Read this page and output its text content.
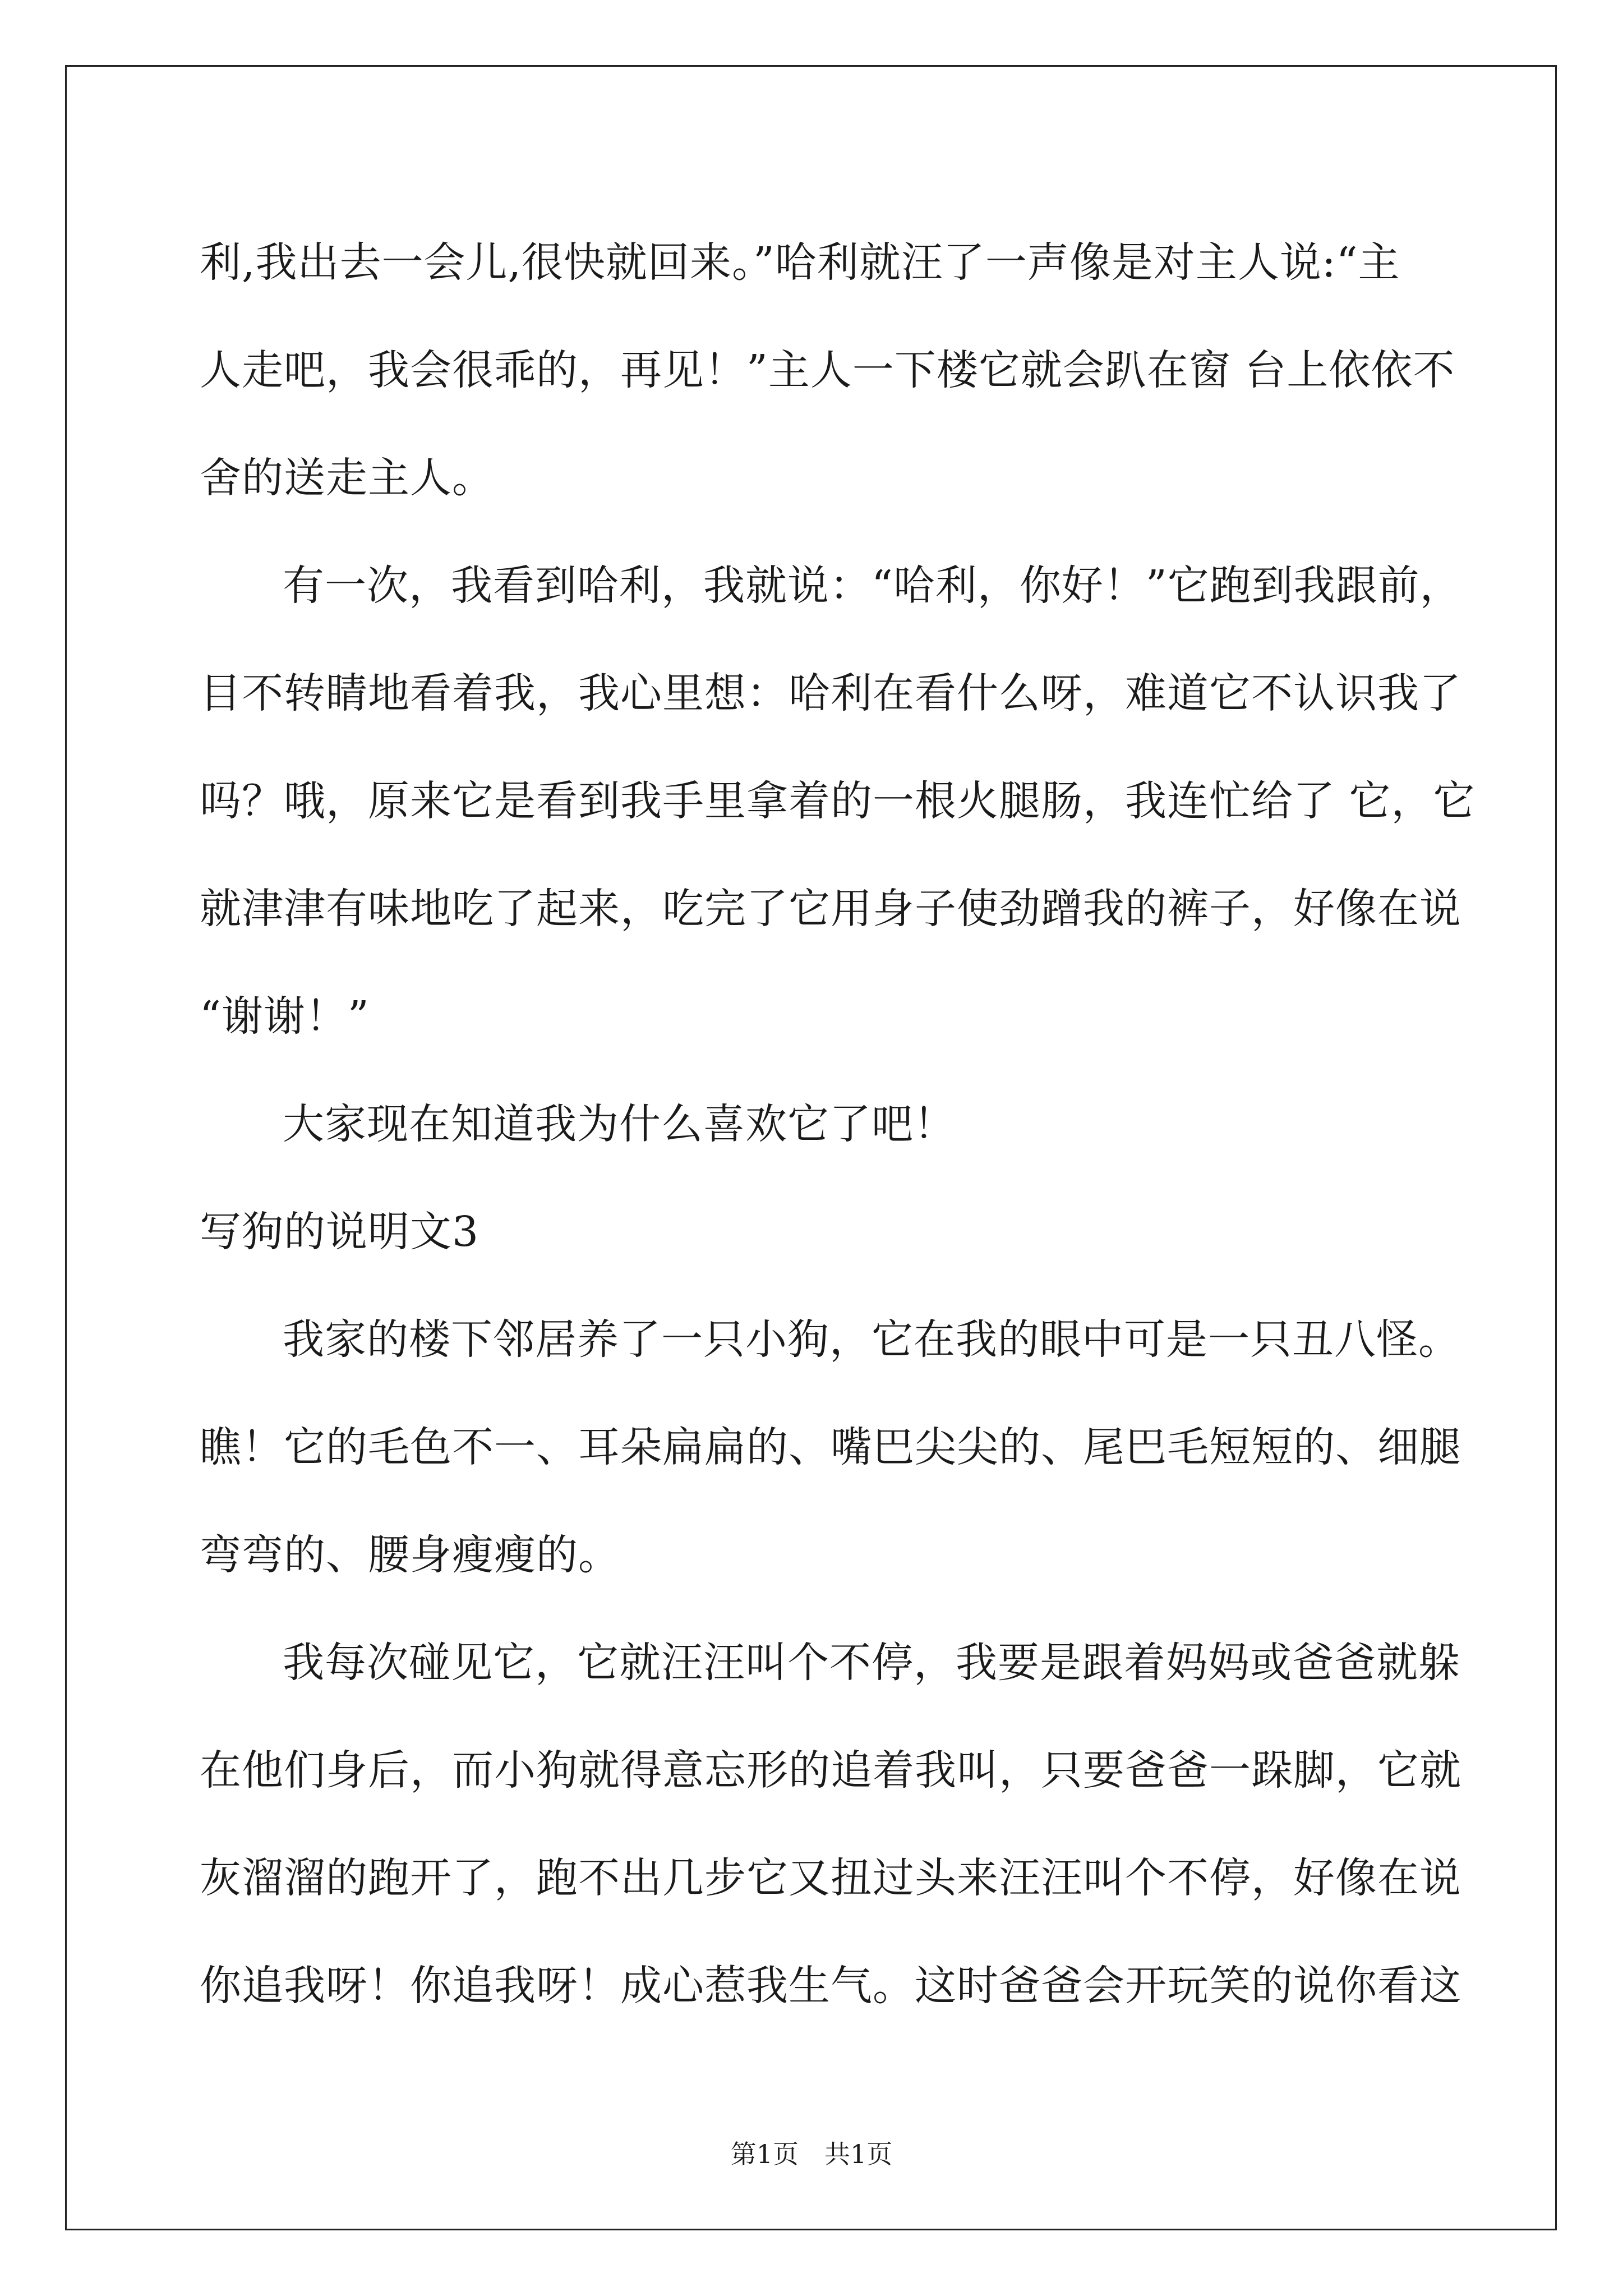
利,我出去一会儿,很快就回来。”哈利就汪了一声像是对主人说:“主
人走吧，我会很乖的，再见！”主人一下楼它就会趴在窗 台上依依不
舍的送走主人。
有一次，我看到哈利，我就说：“哈利，你好！”它跑到我跟前，
目不转睛地看着我，我心里想：哈利在看什么呀，难道它不认识我了
吗？哦，原来它是看到我手里拿着的一根火腿肠，我连忙给了 它，它
就津津有味地吃了起来，吃完了它用身子使劲蹭我的裤子，好像在说
“谢谢！”
大家现在知道我为什么喜欢它了吧！
写狗的说明文3
我家的楼下邻居养了一只小狗，它在我的眼中可是一只丑八怪。
瞧！它的毛色不一、耳朵扁扁的、嘴巴尖尖的、尾巴毛短短的、细腿
弯弯的、腰身瘦瘦的。
我每次碰见它，它就汪汪叫个不停，我要是跟着妈妈或爸爸就躲
在他们身后，而小狗就得意忘形的追着我叫，只要爸爸一跺脚，它就
灰溜溜的跑开了，跑不出几步它又扭过头来汪汪叫个不停，好像在说
你追我呀！你追我呀！成心惹我生气。这时爸爸会开玩笑的说你看这
第1页　共1页
